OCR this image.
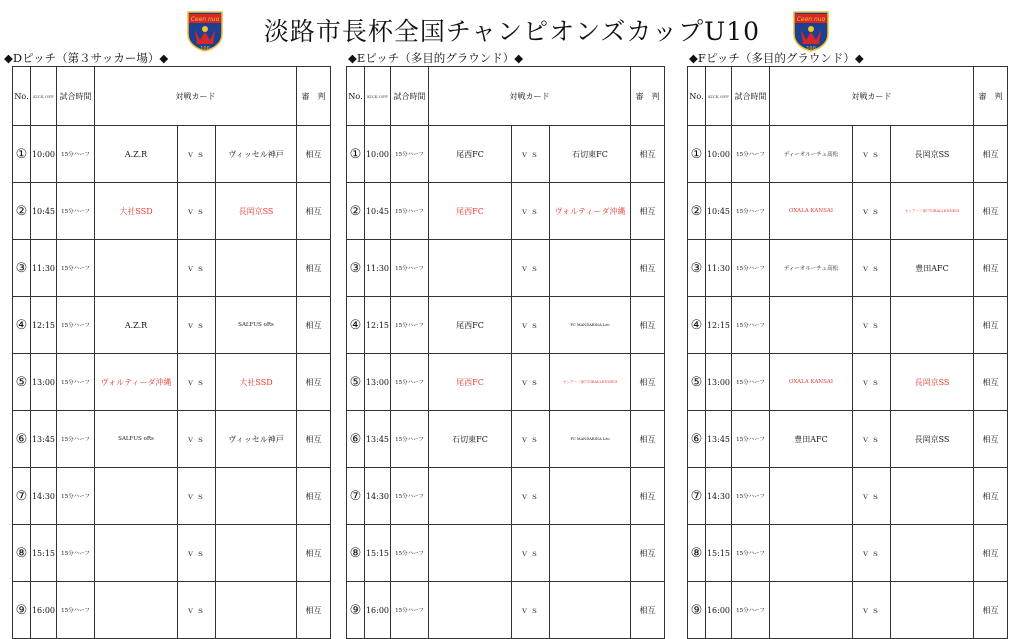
Ceen nuo
100
淡路市長杯全国チャンピオンズカップU10	Ceen nuo
100
◆Dピッチ（第３サッカー場）◆	◆Eピッチ（多目的グラウンド）◆	◆Fピッチ（多目的グラウンド）◆
No.	KICK OFF	試合時間	対戦カード			審　判
①	10:00	15分ハーフ	A.Z.R	ｖｓ	ヴィッセル神戸	相互
②	10:45	15分ハーフ	大社SSD	ｖｓ	長岡京SS	相互
③	11:30	15分ハーフ		ｖｓ		相互
④	12:15	15分ハーフ	A.Z.R	ｖｓ	SALFUS oRs	相互
⑤	13:00	15分ハーフ	ヴォルティーダ沖縄	ｖｓ	大社SSD	相互
⑥	13:45	15分ハーフ	SALFUS oRs	ｖｓ	ヴィッセル神戸	相互
⑦	14:30	15分ハーフ		ｖｓ		相互
⑧	15:15	15分ハーフ		ｖｓ		相互
⑨	16:00	15分ハーフ		ｖｓ		相互
No.	KICK OFF	試合時間	対戦カード			審　判
①	10:00	15分ハーフ	尾西FC	ｖｓ	石切東FC	相互
②	10:45	15分ハーフ	尾西FC	ｖｓ	ヴォルティーダ沖縄	相互
③	11:30	15分ハーフ		ｖｓ		相互
④	12:15	15分ハーフ	尾西FC	ｖｓ	FC MANDARINA Leo	相互
⑤	13:00	15分ハーフ	尾西FC	ｖｓ	センアーノ神戸VIRALLENNESI	相互
⑥	13:45	15分ハーフ	石切東FC	ｖｓ	FC MANDARINA Leo	相互
⑦	14:30	15分ハーフ		ｖｓ		相互
⑧	15:15	15分ハーフ		ｖｓ		相互
⑨	16:00	15分ハーフ		ｖｓ		相互
No.	KICK OFF	試合時間	対戦カード			審　判
①	10:00	15分ハーフ	ディーオルーチェ高松	ｖｓ	長岡京SS	相互
②	10:45	15分ハーフ	OXALA KANSAI	ｖｓ	センアーノ神戸VIRALLENNESI	相互
③	11:30	15分ハーフ	ディーオルーチェ高松	ｖｓ	豊田AFC	相互
④	12:15	15分ハーフ		ｖｓ		相互
⑤	13:00	15分ハーフ	OXALA KANSAI	ｖｓ	長岡京SS	相互
⑥	13:45	15分ハーフ	豊田AFC	ｖｓ	長岡京SS	相互
⑦	14:30	15分ハーフ		ｖｓ		相互
⑧	15:15	15分ハーフ		ｖｓ		相互
⑨	16:00	15分ハーフ		ｖｓ		相互
